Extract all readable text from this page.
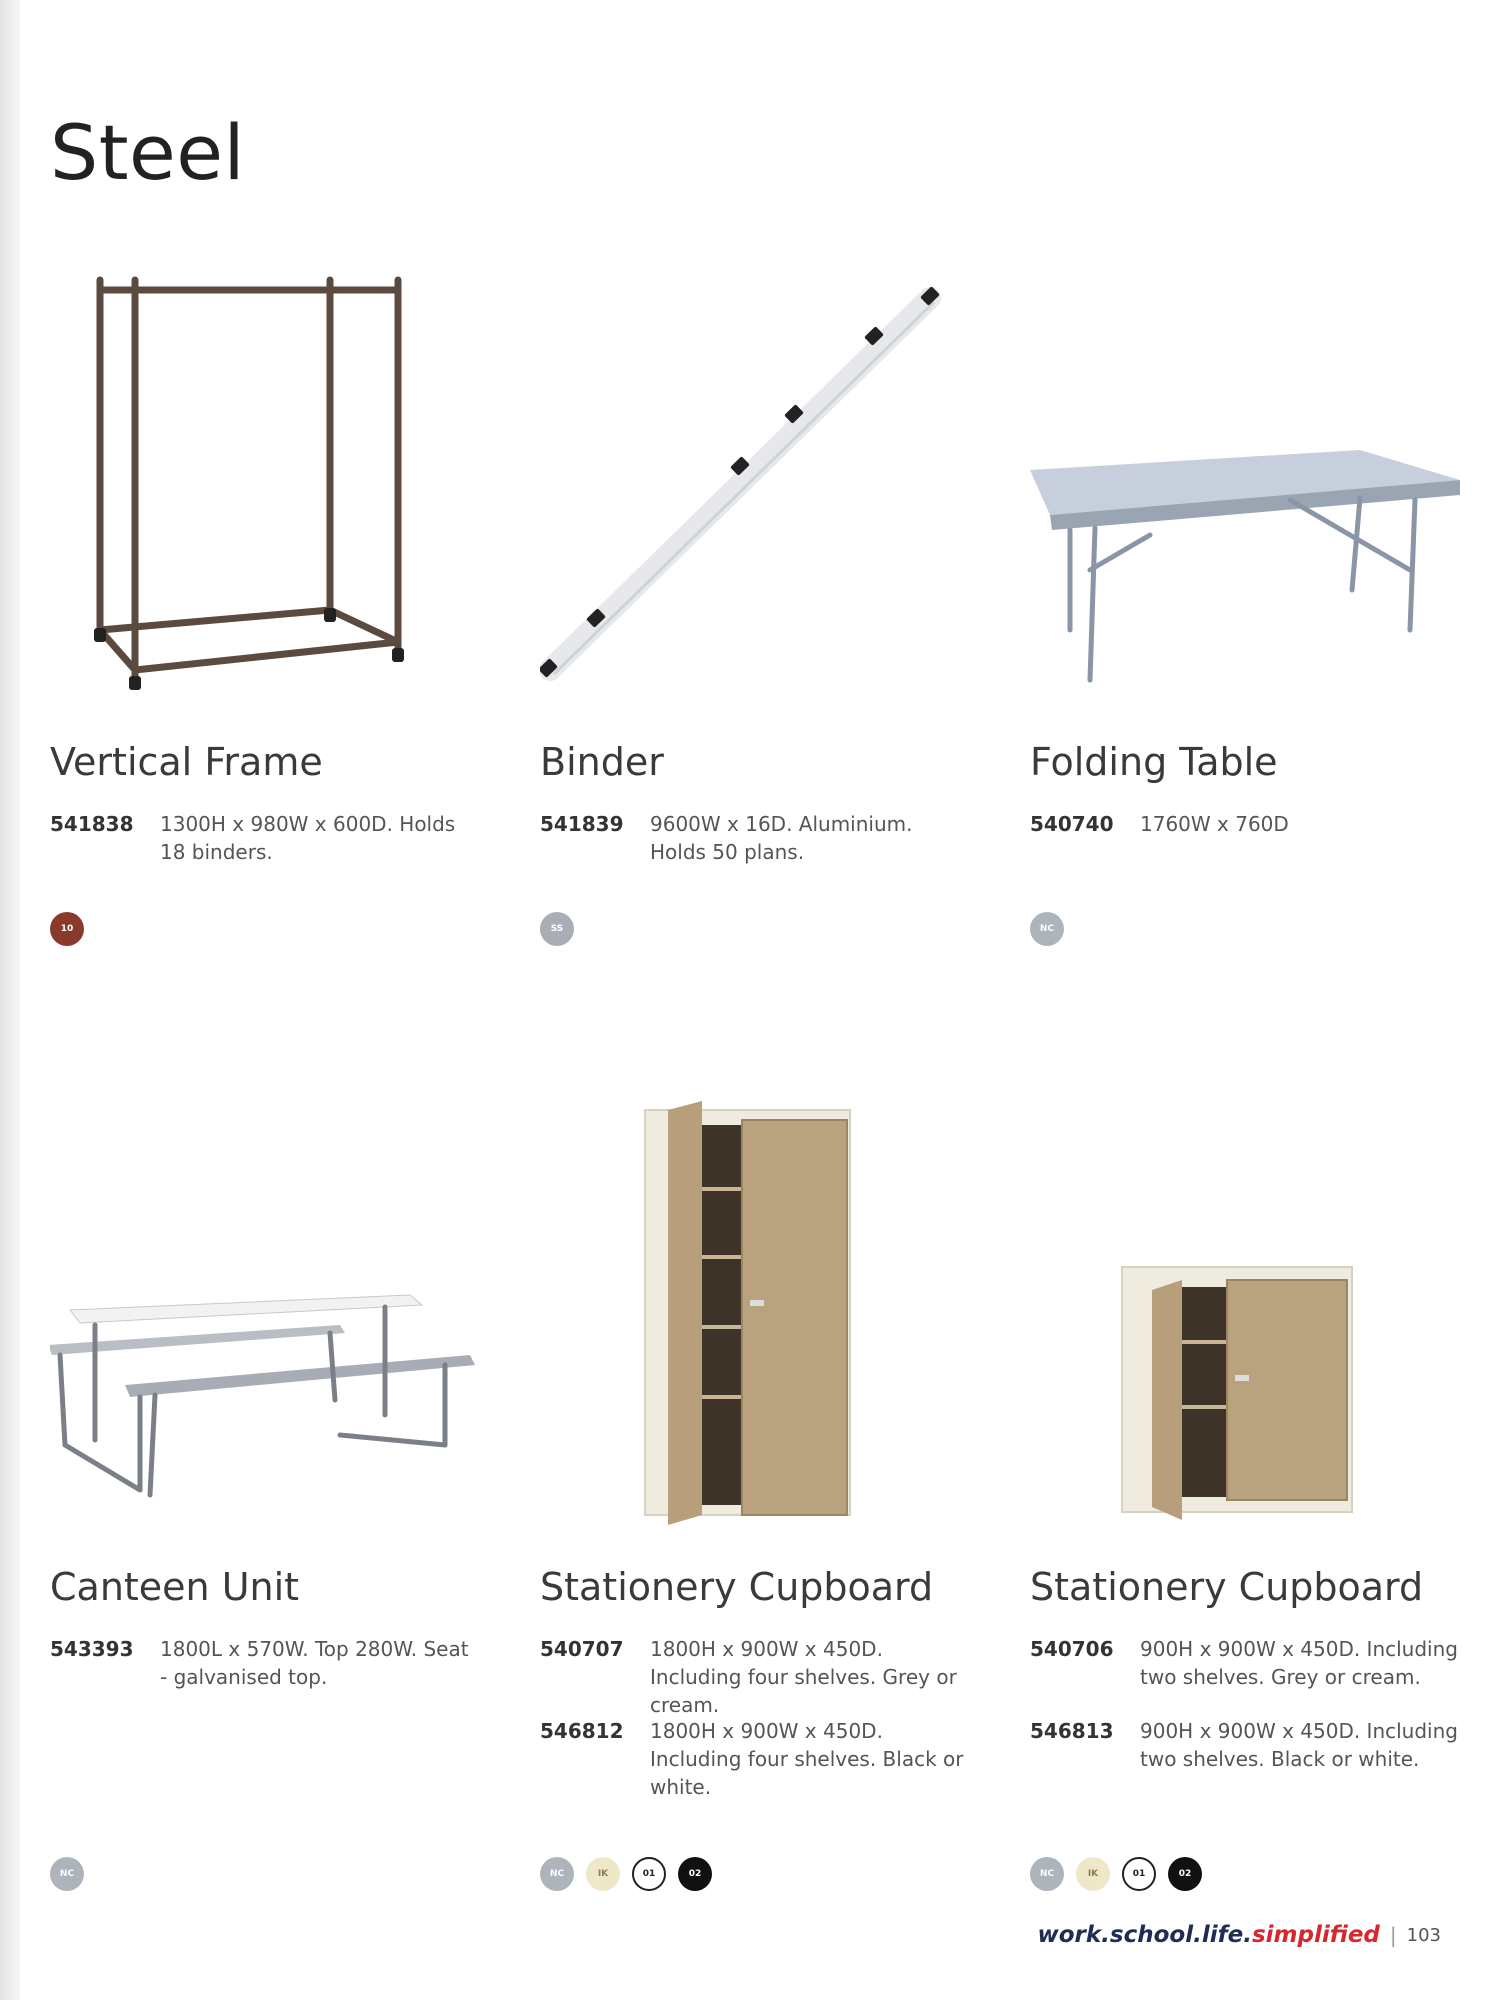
Steel
Vertical Frame
541838	1300H x 980W x 600D. Holds 18 binders.
10
Binder
541839	9600W x 16D. Aluminium. Holds 50 plans.
SS
Folding Table
540740	1760W x 760D
NC
Canteen Unit
543393	1800L x 570W. Top 280W. Seat - galvanised top.
NC
Stationery Cupboard
540707	1800H x 900W x 450D. Including four shelves. Grey or cream.
546812	1800H x 900W x 450D. Including four shelves. Black or white.
NC	IK	01	02
Stationery Cupboard
540706	900H x 900W x 450D. Including two shelves. Grey or cream.
546813	900H x 900W x 450D. Including two shelves. Black or white.
NC	IK	01	02
work.school.life. simplified | 103
